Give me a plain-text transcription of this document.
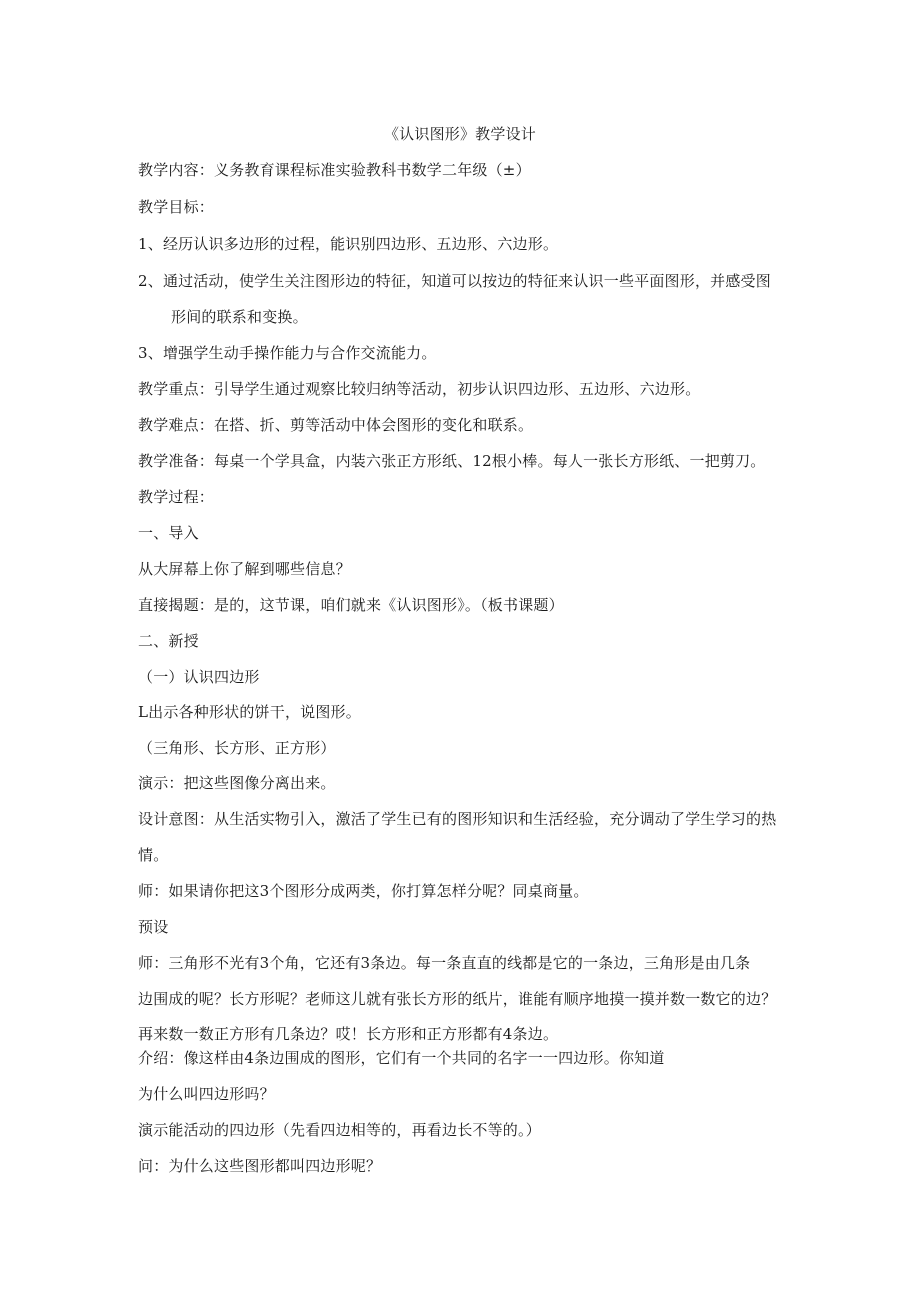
《认识图形》教学设计
教学内容：义务教育课程标准实验教科书数学二年级（±）
教学目标：
1、经历认识多边形的过程，能识别四边形、五边形、六边形。
2、通过活动，使学生关注图形边的特征，知道可以按边的特征来认识一些平面图形，并感受图
形间的联系和变换。
3、增强学生动手操作能力与合作交流能力。
教学重点：引导学生通过观察比较归纳等活动，初步认识四边形、五边形、六边形。
教学难点：在搭、折、剪等活动中体会图形的变化和联系。
教学准备：每桌一个学具盒，内装六张正方形纸、12根小棒。每人一张长方形纸、一把剪刀。
教学过程：
一、导入
从大屏幕上你了解到哪些信息？
直接揭题：是的，这节课，咱们就来《认识图形》。（板书课题）
二、新授
（一）认识四边形
L出示各种形状的饼干，说图形。
（三角形、长方形、正方形）
演示：把这些图像分离出来。
设计意图：从生活实物引入，激活了学生已有的图形知识和生活经验，充分调动了学生学习的热
情。
师：如果请你把这3个图形分成两类，你打算怎样分呢？同桌商量。
预设
师：三角形不光有3个角，它还有3条边。每一条直直的线都是它的一条边，三角形是由几条
边围成的呢？长方形呢？老师这儿就有张长方形的纸片，谁能有顺序地摸一摸并数一数它的边？
再来数一数正方形有几条边？哎！长方形和正方形都有4条边。
介绍：像这样由4条边围成的图形，它们有一个共同的名字一一四边形。你知道
为什么叫四边形吗？
演示能活动的四边形（先看四边相等的，再看边长不等的。）
问：为什么这些图形都叫四边形呢？
